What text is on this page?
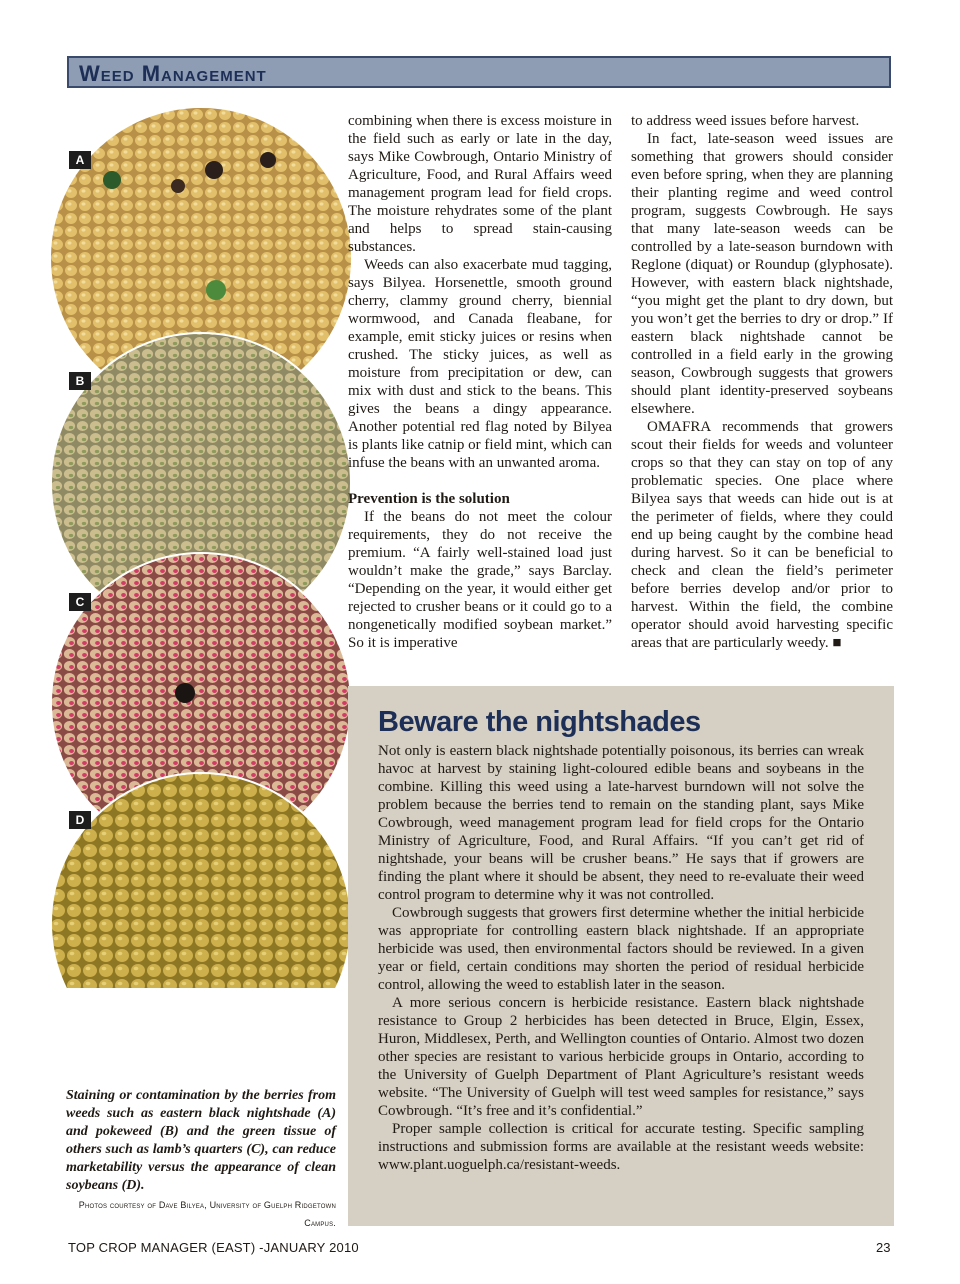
Weed Management
A
B
C
D

combining when there is excess moisture in the field such as early or late in the day, says Mike Cowbrough, Ontario Ministry of Agriculture, Food, and Rural Affairs weed management program lead for field crops. The moisture rehydrates some of the plant and helps to spread stain-causing substances.

Weeds can also exacerbate mud tagging, says Bilyea. Horsenettle, smooth ground cherry, clammy ground cherry, biennial wormwood, and Canada fleabane, for example, emit sticky juices or resins when crushed. The sticky juices, as well as moisture from precipitation or dew, can mix with dust and stick to the beans. This gives the beans a dingy appearance. Another potential red flag noted by Bilyea is plants like catnip or field mint, which can infuse the beans with an unwanted aroma.

Prevention is the solution

If the beans do not meet the colour requirements, they do not receive the premium. “A fairly well-stained load just wouldn’t make the grade,” says Barclay. “Depending on the year, it would either get rejected to crusher beans or it could go to a nongenetically modified soybean market.” So it is imperative

to address weed issues before harvest.

In fact, late-season weed issues are something that growers should consider even before spring, when they are planning their planting regime and weed control program, suggests Cowbrough. He says that many late-season weeds can be controlled by a late-season burndown with Reglone (diquat) or Roundup (glyphosate). However, with eastern black nightshade, “you might get the plant to dry down, but you won’t get the berries to dry or drop.” If eastern black nightshade cannot be controlled in a field early in the growing season, Cowbrough suggests that growers should plant identity-preserved soybeans elsewhere.

OMAFRA recommends that growers scout their fields for weeds and volunteer crops so that they can stay on top of any problematic species. One place where Bilyea says that weeds can hide out is at the perimeter of fields, where they could end up being caught by the combine head during harvest. So it can be beneficial to check and clean the field’s perimeter before berries develop and/or prior to harvest. Within the field, the combine operator should avoid harvesting specific areas that are particularly weedy. ■

Beware the nightshades

Not only is eastern black nightshade potentially poisonous, its berries can wreak havoc at harvest by staining light-coloured edible beans and soybeans in the combine. Killing this weed using a late-harvest burndown will not solve the problem because the berries tend to remain on the standing plant, says Mike Cowbrough, weed management program lead for field crops for the Ontario Ministry of Agriculture, Food, and Rural Affairs. “If you can’t get rid of nightshade, your beans will be crusher beans.” He says that if growers are finding the plant where it should be absent, they need to re-evaluate their weed control program to determine why it was not controlled.

Cowbrough suggests that growers first determine whether the initial herbicide was appropriate for controlling eastern black nightshade. If an appropriate herbicide was used, then environmental factors should be reviewed. In a given year or field, certain conditions may shorten the period of residual herbicide control, allowing the weed to establish later in the season.

A more serious concern is herbicide resistance. Eastern black nightshade resistance to Group 2 herbicides has been detected in Bruce, Elgin, Essex, Huron, Middlesex, Perth, and Wellington counties of Ontario. Almost two dozen other species are resistant to various herbicide groups in Ontario, according to the University of Guelph Department of Plant Agriculture’s resistant weeds website. “The University of Guelph will test weed samples for resistance,” says Cowbrough. “It’s free and it’s confidential.”

Proper sample collection is critical for accurate testing. Specific sampling instructions and submission forms are available at the resistant weeds website: www.plant.uoguelph.ca/resistant-weeds.

Staining or contamination by the berries from weeds such as eastern black nightshade (A) and pokeweed (B) and the green tissue of others such as lamb’s quarters (C), can reduce marketability versus the appearance of clean soybeans (D).
Photos courtesy of Dave Bilyea, University of Guelph Ridgetown Campus.
TOP CROP MANAGER (EAST) -JANUARY 2010	23
